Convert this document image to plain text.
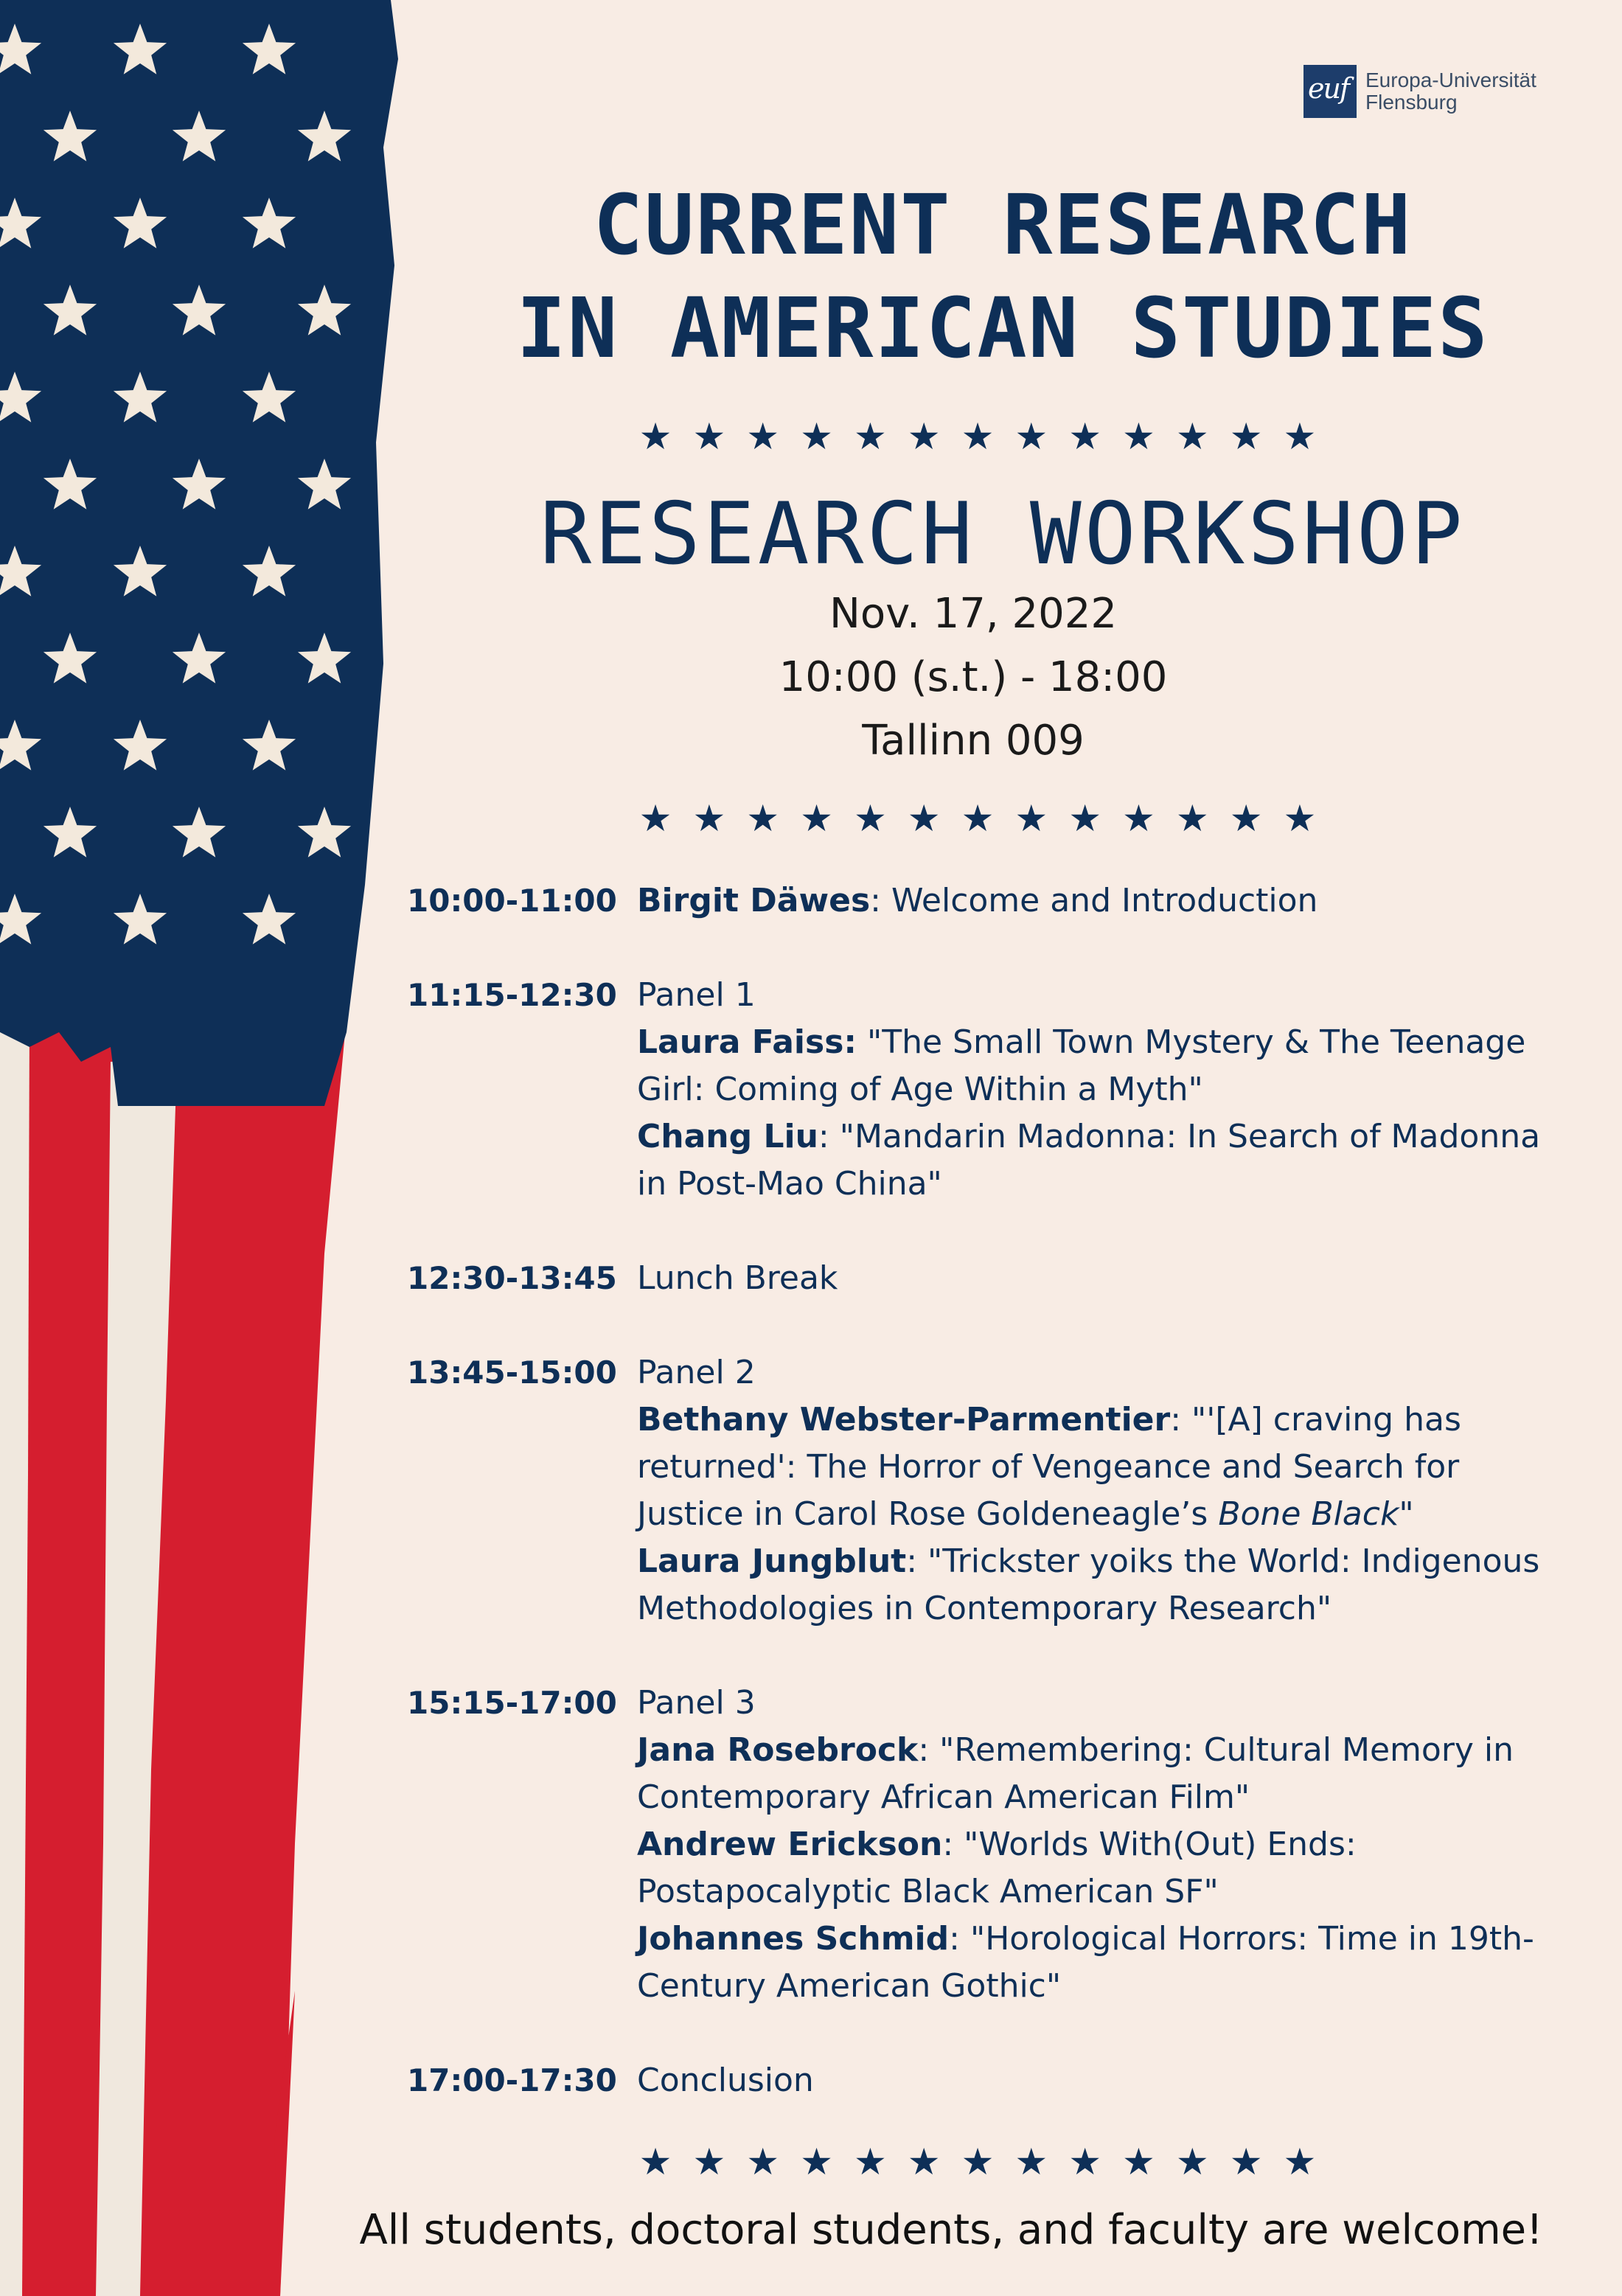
euf Europa-Universität
Flensburg
CURRENT RESEARCH
IN AMERICAN STUDIES
★★★★★★★★★★★★★
RESEARCH WORKSHOP
Nov. 17, 2022
10:00 (s.t.) - 18:00
Tallinn 009
★★★★★★★★★★★★★
10:00-11:00 Birgit Däwes: Welcome and Introduction
11:15-12:30 Panel 1
Laura Faiss: "The Small Town Mystery & The Teenage Girl: Coming of Age Within a Myth"
Chang Liu: "Mandarin Madonna: In Search of Madonna in Post-Mao China"
12:30-13:45 Lunch Break
13:45-15:00 Panel 2
Bethany Webster-Parmentier: "'[A] craving has returned': The Horror of Vengeance and Search for Justice in Carol Rose Goldeneagle’s Bone Black"
Laura Jungblut: "Trickster yoiks the World: Indigenous Methodologies in Contemporary Research"
15:15-17:00 Panel 3
Jana Rosebrock: "Remembering: Cultural Memory in Contemporary African American Film"
Andrew Erickson: "Worlds With(Out) Ends: Postapocalyptic Black American SF"
Johannes Schmid: "Horological Horrors: Time in 19th-Century American Gothic"
17:00-17:30 Conclusion
★★★★★★★★★★★★★
All students, doctoral students, and faculty are welcome!
